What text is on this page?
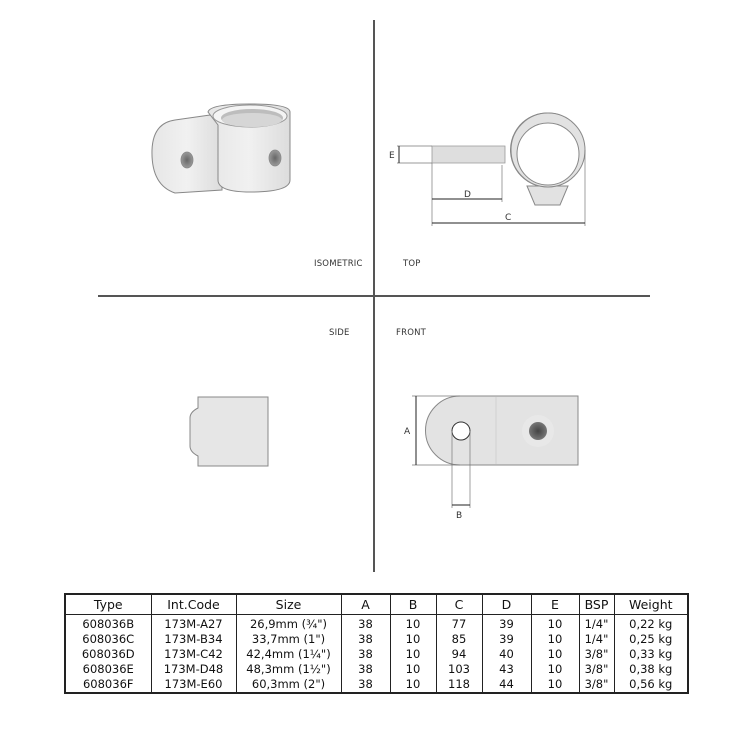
ISOMETRIC	TOP
SIDE	FRONT
E
D
C
A
B
Type	Int.Code	Size	A	B	C	D	E	BSP	Weight
608036B	173M-A27	26,9mm (¾")	38	10	77	39	10	1/4"	0,22 kg
608036C	173M-B34	33,7mm (1")	38	10	85	39	10	1/4"	0,25 kg
608036D	173M-C42	42,4mm (1¼")	38	10	94	40	10	3/8"	0,33 kg
608036E	173M-D48	48,3mm (1½")	38	10	103	43	10	3/8"	0,38 kg
608036F	173M-E60	60,3mm (2")	38	10	118	44	10	3/8"	0,56 kg
